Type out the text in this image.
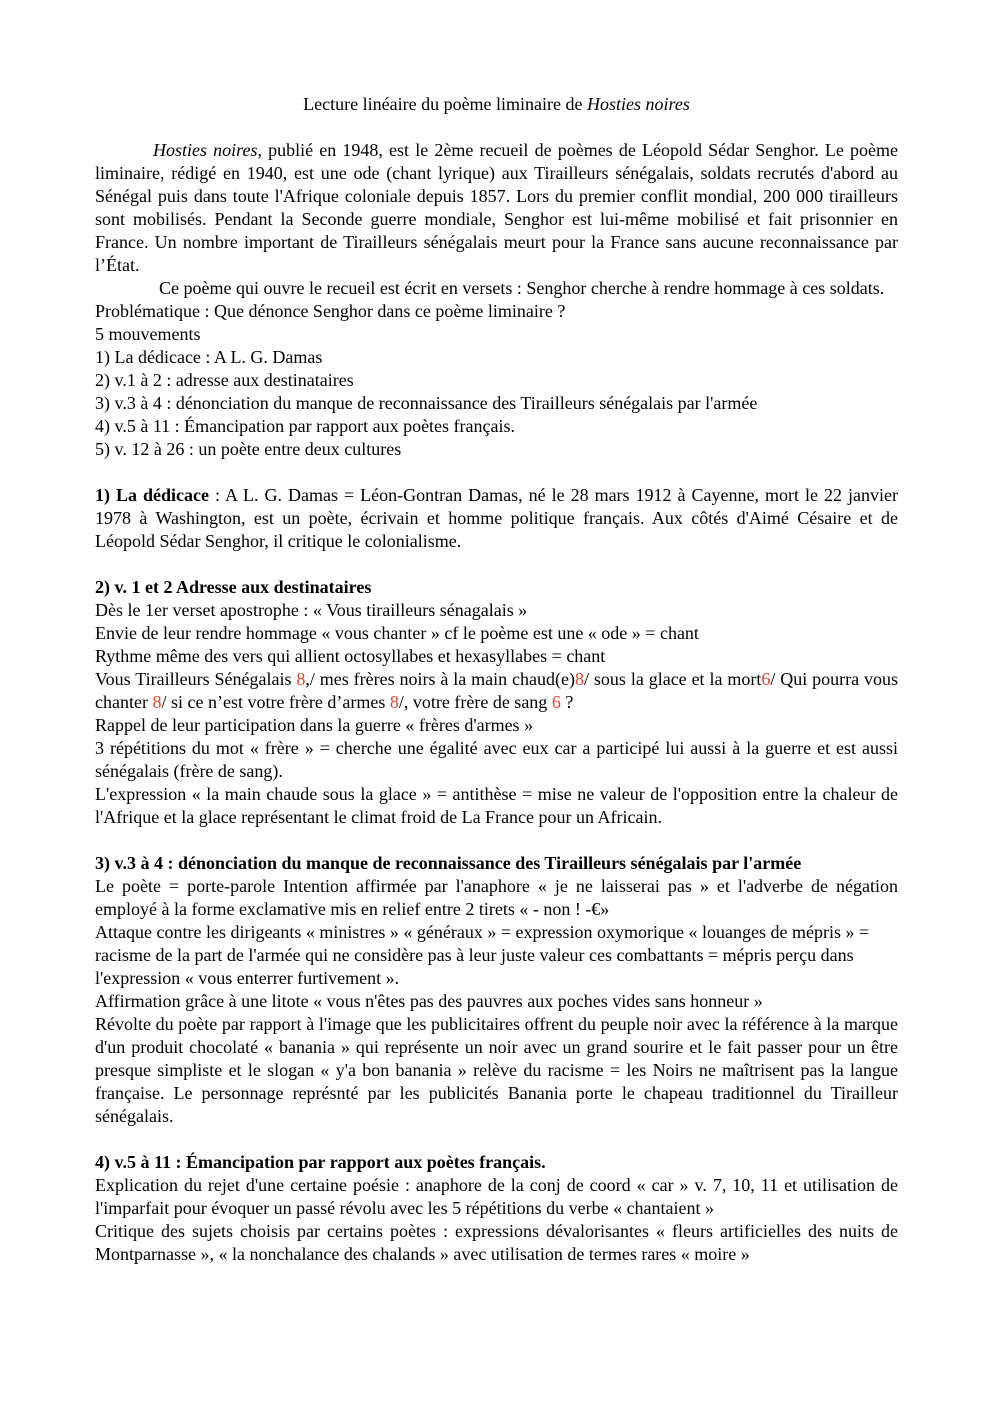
Lecture linéaire du poème liminaire de Hosties noires

Hosties noires, publié en 1948, est le 2ème recueil de poèmes de Léopold Sédar Senghor. Le poème liminaire, rédigé en 1940, est une ode (chant lyrique) aux Tirailleurs sénégalais, soldats recrutés d'abord au Sénégal puis dans toute l'Afrique coloniale depuis 1857. Lors du premier conflit mondial, 200 000 tirailleurs sont mobilisés. Pendant la Seconde guerre mondiale, Senghor est lui-même mobilisé et fait prisonnier en France. Un nombre important de Tirailleurs sénégalais meurt pour la France sans aucune reconnaissance par l’État.

Ce poème qui ouvre le recueil est écrit en versets : Senghor cherche à rendre hommage à ces soldats.

Problématique : Que dénonce Senghor dans ce poème liminaire ?

5 mouvements

1) La dédicace : A L. G. Damas

2) v.1 à 2 : adresse aux destinataires

3) v.3 à 4 : dénonciation du manque de reconnaissance des Tirailleurs sénégalais par l'armée

4) v.5 à 11 : Émancipation par rapport aux poètes français.

5) v. 12 à 26 : un poète entre deux cultures

1) La dédicace : A L. G. Damas = Léon-Gontran Damas, né le 28 mars 1912 à Cayenne, mort le 22 janvier 1978 à Washington, est un poète, écrivain et homme politique français. Aux côtés d'Aimé Césaire et de Léopold Sédar Senghor, il critique le colonialisme.

2) v. 1 et 2 Adresse aux destinataires

Dès le 1er verset apostrophe : « Vous tirailleurs sénagalais »

Envie de leur rendre hommage « vous chanter » cf le poème est une « ode » = chant

Rythme même des vers qui allient octosyllabes et hexasyllabes = chant

Vous Tirailleurs Sénégalais 8,/ mes frères noirs à la main chaud(e)8/ sous la glace et la mort6/ Qui pourra vous chanter 8/ si ce n’est votre frère d’armes 8/, votre frère de sang 6 ?

Rappel de leur participation dans la guerre « frères d'armes »

3 répétitions du mot « frère » = cherche une égalité avec eux car a participé lui aussi à la guerre et est aussi sénégalais (frère de sang).

L'expression « la main chaude sous la glace » = antithèse = mise ne valeur de l'opposition entre la chaleur de l'Afrique et la glace représentant le climat froid de La France pour un Africain.

3) v.3 à 4 : dénonciation du manque de reconnaissance des Tirailleurs sénégalais par l'armée

Le poète = porte-parole Intention affirmée par l'anaphore « je ne laisserai pas » et l'adverbe de négation employé à la forme exclamative mis en relief entre 2 tirets « - non ! -€»

Attaque contre les dirigeants « ministres » « généraux » = expression oxymorique « louanges de mépris » = racisme de la part de l'armée qui ne considère pas à leur juste valeur ces combattants = mépris perçu dans l'expression « vous enterrer furtivement ».

Affirmation grâce à une litote « vous n'êtes pas des pauvres aux poches vides sans honneur »

Révolte du poète par rapport à l'image que les publicitaires offrent du peuple noir avec la référence à la marque d'un produit chocolaté « banania » qui représente un noir avec un grand sourire et le fait passer pour un être presque simpliste et le slogan « y'a bon banania » relève du racisme = les Noirs ne maîtrisent pas la langue française. Le personnage représnté par les publicités Banania porte le chapeau traditionnel du Tirailleur sénégalais.

4) v.5 à 11 : Émancipation par rapport aux poètes français.

Explication du rejet d'une certaine poésie : anaphore de la conj de coord « car » v. 7, 10, 11 et utilisation de l'imparfait pour évoquer un passé révolu avec les 5 répétitions du verbe « chantaient »

Critique des sujets choisis par certains poètes : expressions dévalorisantes « fleurs artificielles des nuits de Montparnasse », « la nonchalance des chalands » avec utilisation de termes rares « moire »
